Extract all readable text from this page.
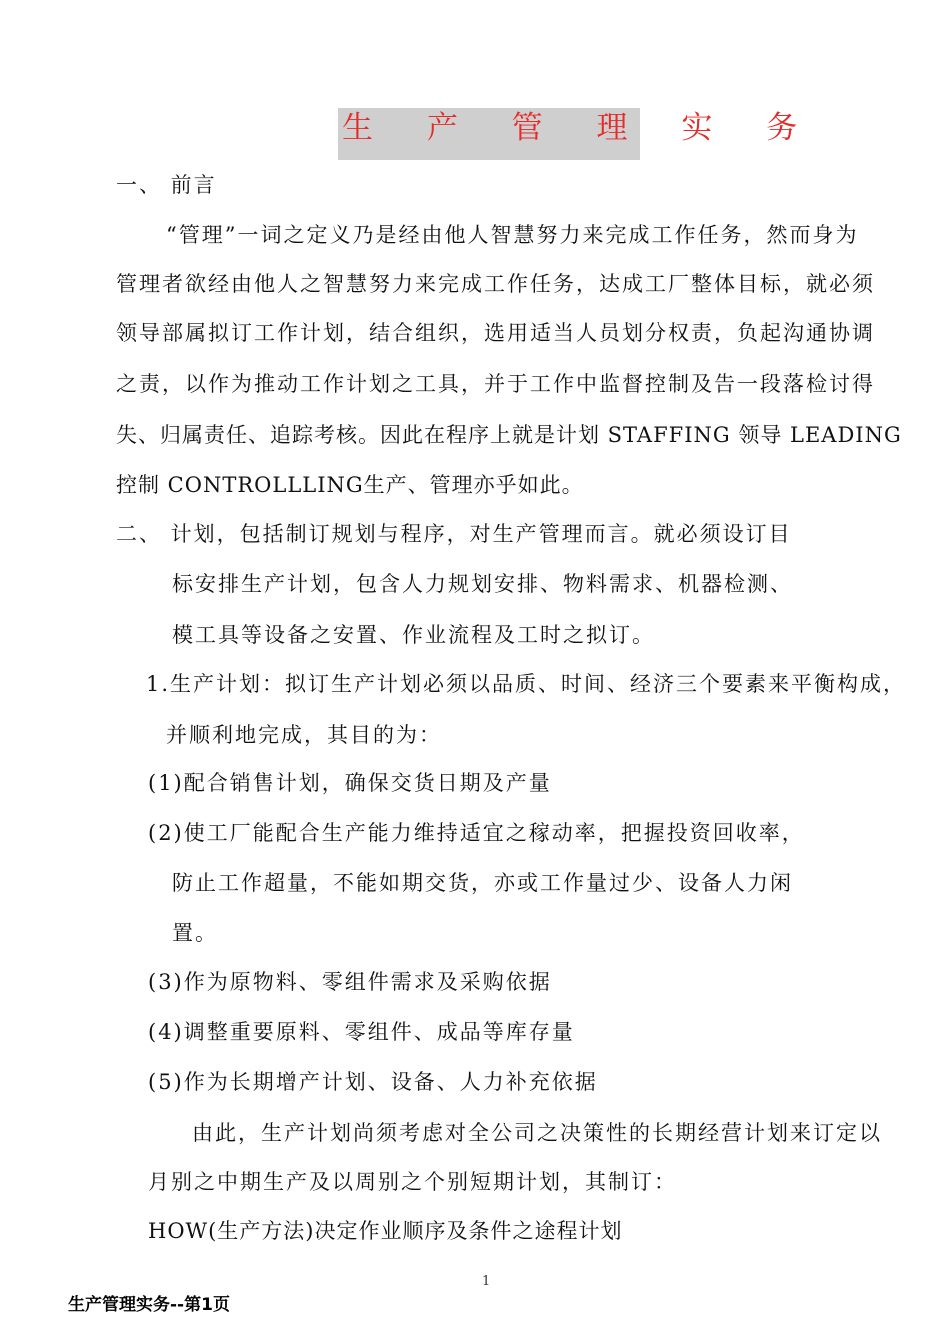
生 产 管 理 实 务
一、 前言
“管理”一词之定义乃是经由他人智慧努力来完成工作任务，然而身为
管理者欲经由他人之智慧努力来完成工作任务，达成工厂整体目标，就必须
领导部属拟订工作计划，结合组织，选用适当人员划分权责，负起沟通协调
之责，以作为推动工作计划之工具，并于工作中监督控制及告一段落检讨得
失、归属责任、追踪考核。因此在程序上就是计划 STAFFING 领导 LEADING
控制 CONTROLLLING生产、管理亦乎如此。
二、 计划，包括制订规划与程序，对生产管理而言。就必须设订目
标安排生产计划，包含人力规划安排、物料需求、机器检测、
模工具等设备之安置、作业流程及工时之拟订。
1.生产计划：拟订生产计划必须以品质、时间、经济三个要素来平衡构成，
并顺利地完成，其目的为：
(1)配合销售计划，确保交货日期及产量
(2)使工厂能配合生产能力维持适宜之稼动率，把握投资回收率，
防止工作超量，不能如期交货，亦或工作量过少、设备人力闲
置。
(3)作为原物料、零组件需求及采购依据
(4)调整重要原料、零组件、成品等库存量
(5)作为长期增产计划、设备、人力补充依据
由此，生产计划尚须考虑对全公司之决策性的长期经营计划来订定以
月别之中期生产及以周别之个别短期计划，其制订：
HOW(生产方法)决定作业顺序及条件之途程计划
1
生产管理实务--第1页
